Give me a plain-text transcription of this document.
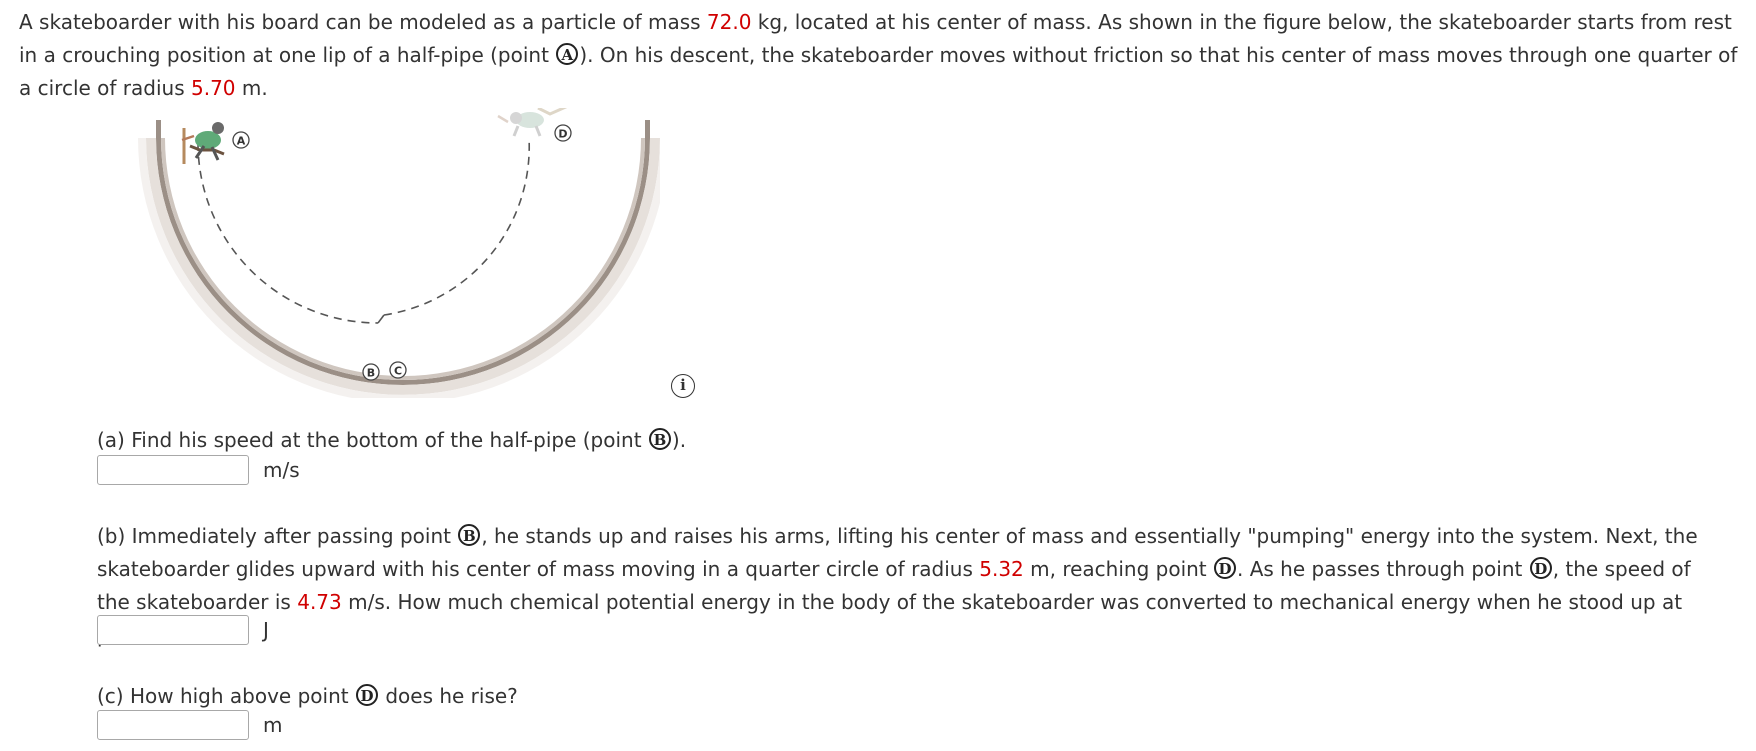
A skateboarder with his board can be modeled as a particle of mass 72.0 kg, located at his center of mass. As shown in the figure below, the skateboarder starts from rest in a crouching position at one lip of a half-pipe (point A ). On his descent, the skateboarder moves without friction so that his center of mass moves through one quarter of a circle of radius 5.70 m.

A
D
B C
i

(a) Find his speed at the bottom of the half-pipe (point B ).

m/s

(b) Immediately after passing point B , he stands up and raises his arms, lifting his center of mass and essentially "pumping" energy into the system. Next, the skateboarder glides upward with his center of mass moving in a quarter circle of radius 5.32 m, reaching point D . As he passes through point D , the speed of the skateboarder is 4.73 m/s. How much chemical potential energy in the body of the skateboarder was converted to mechanical energy when he stood up at

J

(c) How high above point D does he rise?

m
